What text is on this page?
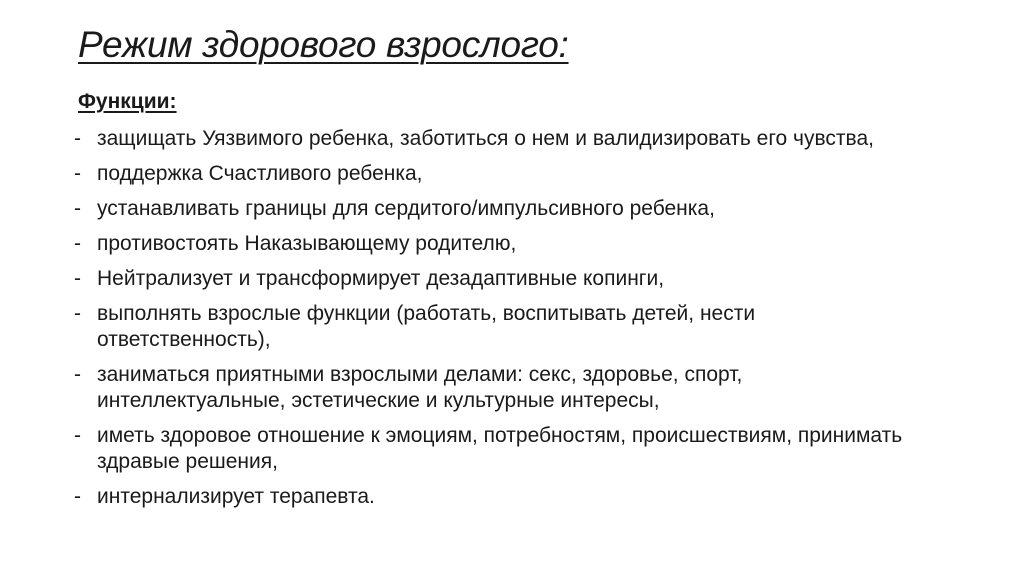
Режим здорового взрослого:
Функции:
- защищать Уязвимого ребенка, заботиться о нем и валидизировать его чувства,
- поддержка Счастливого ребенка,
- устанавливать границы для сердитого/импульсивного ребенка,
- противостоять Наказывающему родителю,
- Нейтрализует и трансформирует дезадаптивные копинги,
- выполнять взрослые функции (работать, воспитывать детей, нести ответственность),
- заниматься приятными взрослыми делами: секс, здоровье, спорт, интеллектуальные, эстетические и культурные интересы,
- иметь здоровое отношение к эмоциям, потребностям, происшествиям, принимать здравые решения,
- интернализирует терапевта.
